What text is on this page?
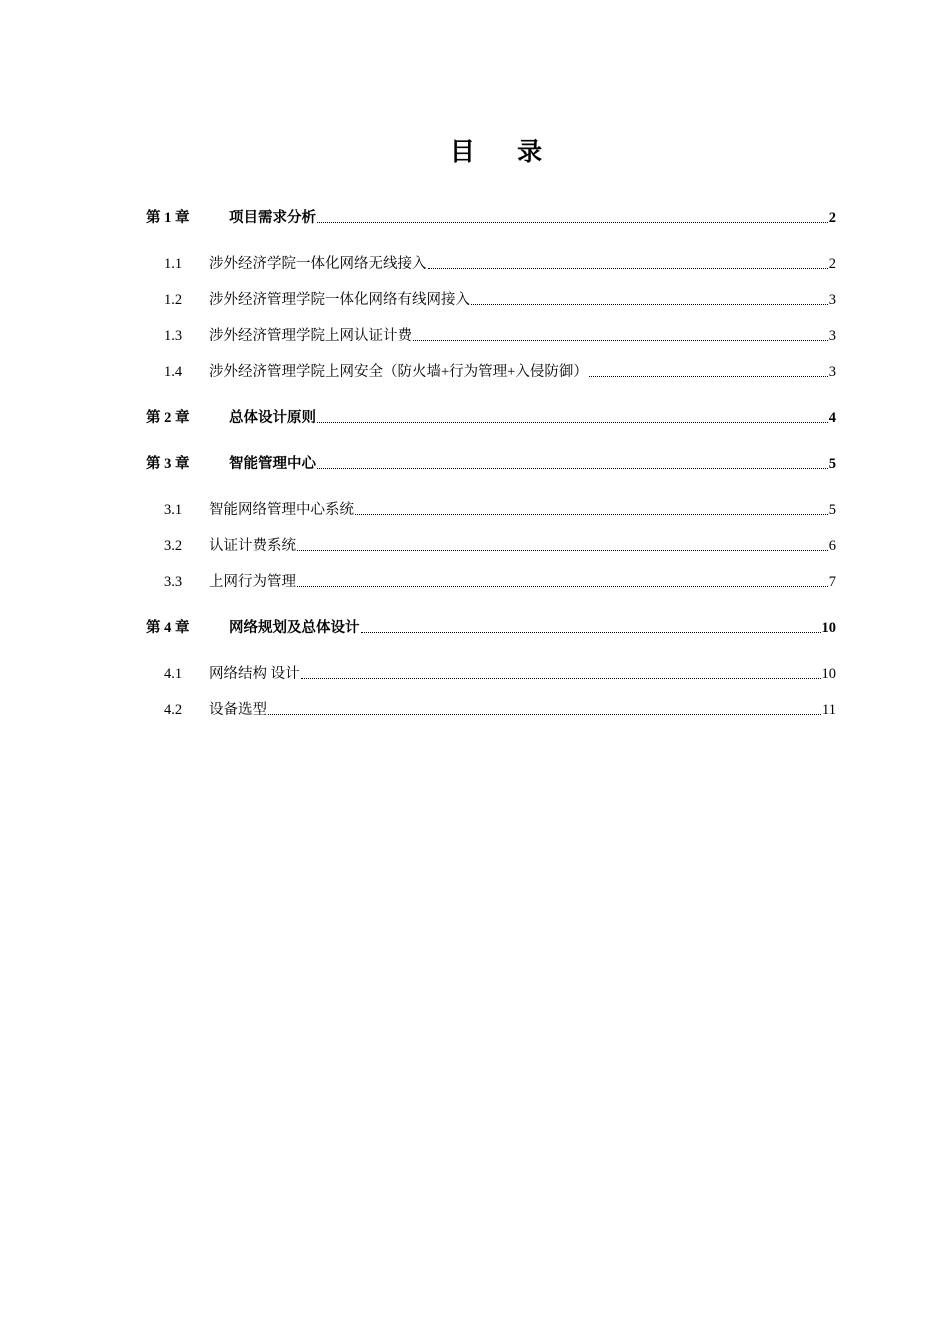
目 录
第 1 章	项目需求分析	2
1.1	涉外经济学院一体化网络无线接入	2
1.2	涉外经济管理学院一体化网络有线网接入	3
1.3	涉外经济管理学院上网认证计费	3
1.4	涉外经济管理学院上网安全（防火墙+行为管理+入侵防御）	3
第 2 章	总体设计原则	4
第 3 章	智能管理中心	5
3.1	智能网络管理中心系统	5
3.2	认证计费系统	6
3.3	上网行为管理	7
第 4 章	网络规划及总体设计	10
4.1	网络结构 设计	10
4.2	设备选型	11
